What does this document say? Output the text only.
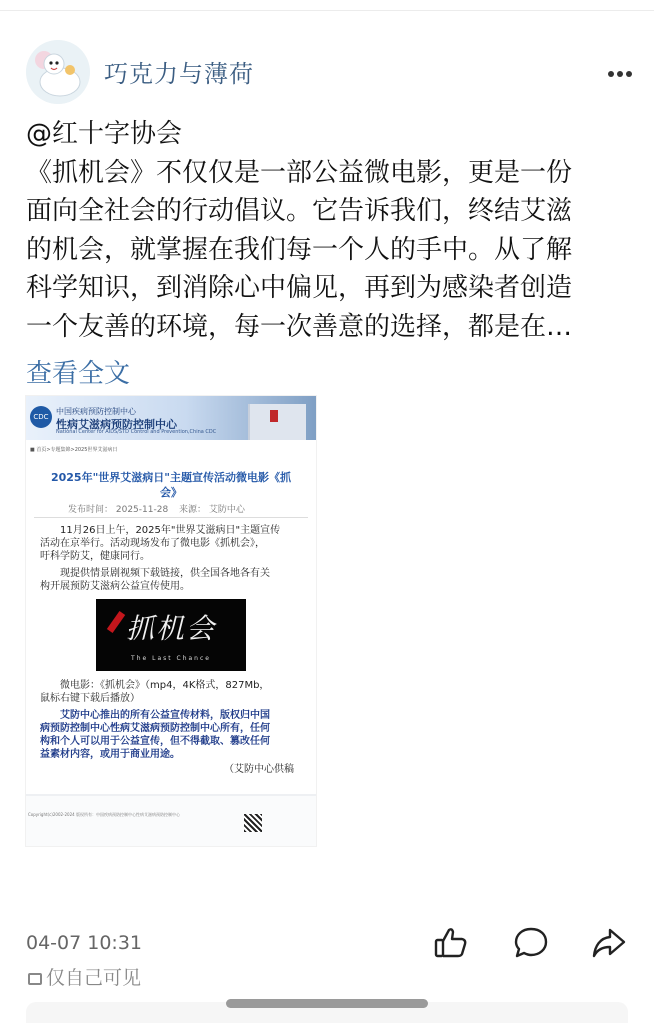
巧克力与薄荷

@红十字协会

《抓机会》不仅仅是一部公益微电影，更是一份

面向全社会的行动倡议。它告诉我们，终结艾滋

的机会，就掌握在我们每一个人的手中。从了解

科学知识，到消除心中偏见，再到为感染者创造

一个友善的环境，每一次善意的选择，都是在…

查看全文
CDC
中国疾病预防控制中心
性病艾滋病预防控制中心
National Center for AIDS/STD Control and Prevention,China CDC
■ 首页>专题集锦>2025世界艾滋病日
2025年"世界艾滋病日"主题宣传活动微电影《抓
会》
发布时间： 2025-11-28 来源： 艾防中心
11月26日上午，2025年"世界艾滋病日"主题宣传
活动在京举行。活动现场发布了微电影《抓机会》，
吁科学防艾，健康同行。
现提供情景剧视频下载链接，供全国各地各有关
构开展预防艾滋病公益宣传使用。
抓机会
The Last Chance
微电影：《抓机会》（mp4，4K格式，827Mb，
鼠标右键下载后播放）
艾防中心推出的所有公益宣传材料，版权归中国
病预防控制中心性病艾滋病预防控制中心所有，任何
构和个人可以用于公益宣传，但不得截取、篡改任何
益素材内容，或用于商业用途。
（艾防中心供稿
Copyright(c)2002-2024 版权所有：中国疾病预防控制中心性病艾滋病预防控制中心
04-07 10:31
仅自己可见
